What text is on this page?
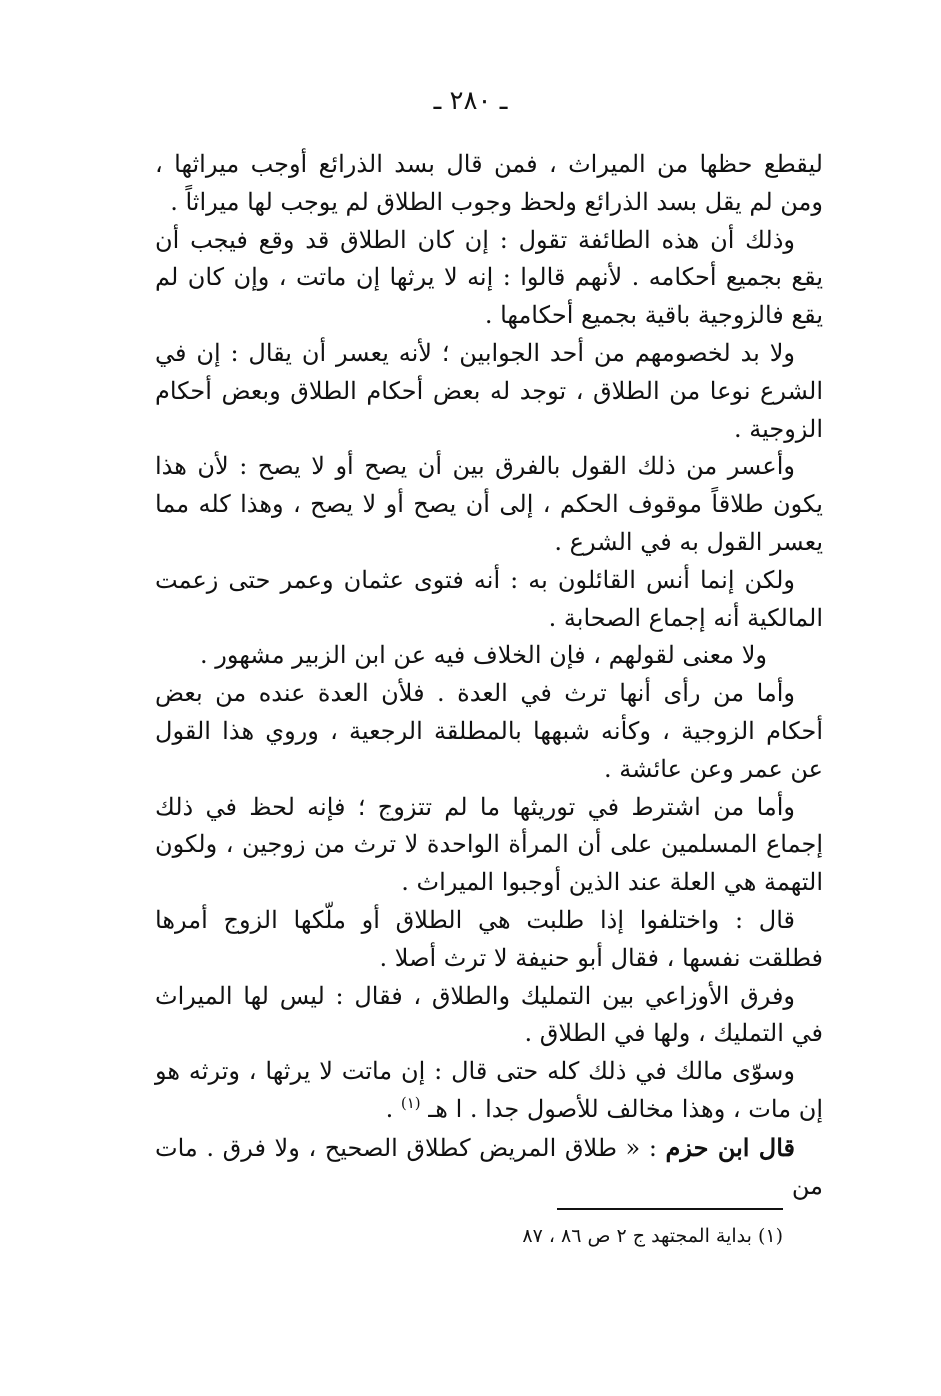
ـ ٢٨٠ ـ

ليقطع حظها من الميراث ، فمن قال بسد الذرائع أوجب ميراثها ، ومن لم يقل بسد الذرائع ولحظ وجوب الطلاق لم يوجب لها ميراثاً .

وذلك أن هذه الطائفة تقول : إن كان الطلاق قد وقع فيجب أن يقع بجميع أحكامه . لأنهم قالوا : إنه لا يرثها إن ماتت ، وإن كان لم يقع فالزوجية باقية بجميع أحكامها .

ولا بد لخصومهم من أحد الجوابين ؛ لأنه يعسر أن يقال : إن في الشرع نوعا من الطلاق ، توجد له بعض أحكام الطلاق وبعض أحكام الزوجية .

وأعسر من ذلك القول بالفرق بين أن يصح أو لا يصح : لأن هذا يكون طلاقاً موقوف الحكم ، إلى أن يصح أو لا يصح ، وهذا كله مما يعسر القول به في الشرع .

ولكن إنما أنس القائلون به : أنه فتوى عثمان وعمر حتى زعمت المالكية أنه إجماع الصحابة .

ولا معنى لقولهم ، فإن الخلاف فيه عن ابن الزبير مشهور .

وأما من رأى أنها ترث في العدة . فلأن العدة عنده من بعض أحكام الزوجية ، وكأنه شبهها بالمطلقة الرجعية ، وروي هذا القول عن عمر وعن عائشة .

وأما من اشترط في توريثها ما لم تتزوج ؛ فإنه لحظ في ذلك إجماع المسلمين على أن المرأة الواحدة لا ترث من زوجين ، ولكون التهمة هي العلة عند الذين أوجبوا الميراث .

قال : واختلفوا إذا طلبت هي الطلاق أو ملّكها الزوج أمرها فطلقت نفسها ، فقال أبو حنيفة لا ترث أصلا .

وفرق الأوزاعي بين التمليك والطلاق ، فقال : ليس لها الميراث في التمليك ، ولها في الطلاق .

وسوّى مالك في ذلك كله حتى قال : إن ماتت لا يرثها ، وترثه هو إن مات ، وهذا مخالف للأصول جدا . ا هـ $^{(١)}$ .

قال ابن حزم : « طلاق المريض كطلاق الصحيح ، ولا فرق . مات من

(١) بداية المجتهد ج ٢ ص ٨٦ ، ٨٧
